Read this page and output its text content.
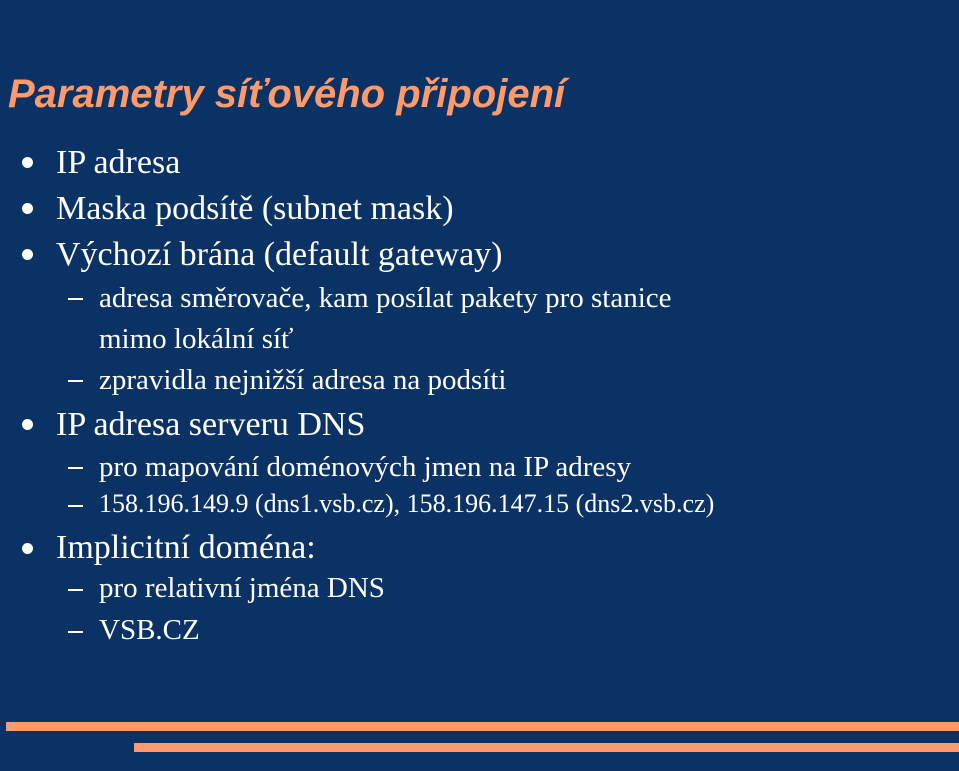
Parametry síťového připojení
IP adresa
Maska podsítě (subnet mask)
Výchozí brána (default gateway)
adresa směrovače, kam posílat pakety pro stanice
mimo lokální síť
zpravidla nejnižší adresa na podsíti
IP adresa serveru DNS
pro mapování doménových jmen na IP adresy
158.196.149.9 (dns1.vsb.cz), 158.196.147.15 (dns2.vsb.cz)
Implicitní doména:
pro relativní jména DNS
VSB.CZ
